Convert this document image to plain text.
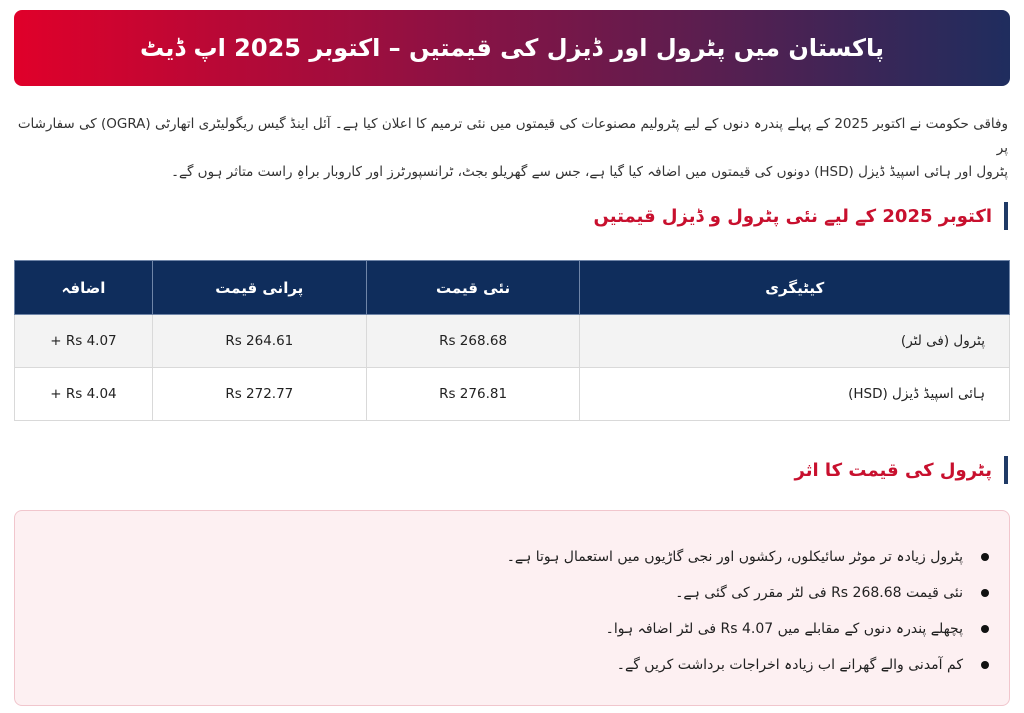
پاکستان میں پٹرول اور ڈیزل کی قیمتیں – اکتوبر 2025 اپ ڈیٹ
وفاقی حکومت نے اکتوبر 2025 کے پہلے پندرہ دنوں کے لیے پٹرولیم مصنوعات کی قیمتوں میں نئی ترمیم کا اعلان کیا ہے۔ آئل اینڈ گیس ریگولیٹری اتھارٹی (OGRA) کی سفارشات پر
پٹرول اور ہائی اسپیڈ ڈیزل (HSD) دونوں کی قیمتوں میں اضافہ کیا گیا ہے، جس سے گھریلو بجٹ، ٹرانسپورٹرز اور کاروبار براہِ راست متاثر ہوں گے۔
اکتوبر 2025 کے لیے نئی پٹرول و ڈیزل قیمتیں
کیٹیگری	نئی قیمت	پرانی قیمت	اضافہ
پٹرول (فی لٹر)	Rs 268.68	Rs 264.61	+ Rs 4.07
ہائی اسپیڈ ڈیزل (HSD)	Rs 276.81	Rs 272.77	+ Rs 4.04
پٹرول کی قیمت کا اثر
پٹرول زیادہ تر موٹر سائیکلوں، رکشوں اور نجی گاڑیوں میں استعمال ہوتا ہے۔
نئی قیمت Rs 268.68 فی لٹر مقرر کی گئی ہے۔
پچھلے پندرہ دنوں کے مقابلے میں Rs 4.07 فی لٹر اضافہ ہوا۔
کم آمدنی والے گھرانے اب زیادہ اخراجات برداشت کریں گے۔
